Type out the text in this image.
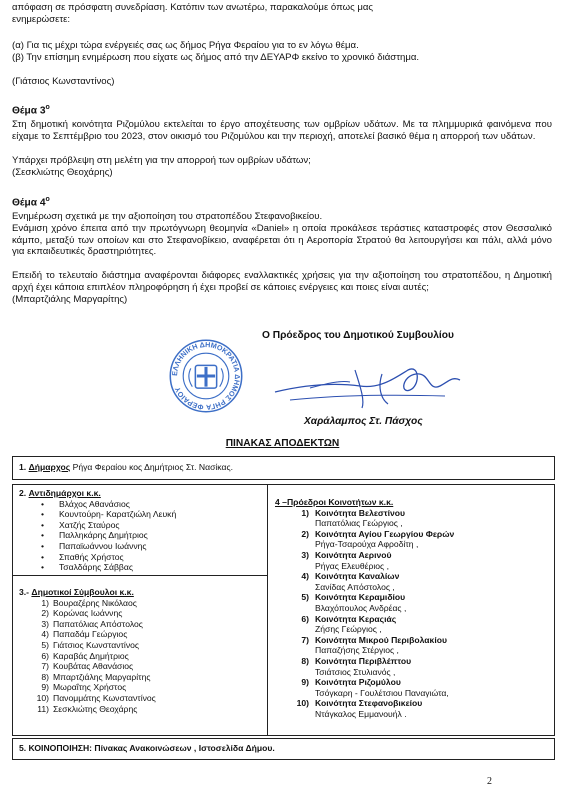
απόφαση σε πρόσφατη συνεδρίαση. Κατόπιν των ανωτέρω, παρακαλούμε όπως μας
ενημερώσετε:
(α) Για τις μέχρι τώρα ενέργειές σας ως δήμος Ρήγα Φεραίου για το εν λόγω θέμα.
(β) Την επίσημη ενημέρωση που είχατε ως δήμος από την ΔΕΥΑΡΦ εκείνο το χρονικό διάστημα.
(Γιάτσιος Κωνσταντίνος)
Θέμα $3^o$
Στη δημοτική κοινότητα Ριζομύλου εκτελείται το έργο αποχέτευσης των ομβρίων υδάτων. Με τα πλημμυρικά φαινόμενα που είχαμε το Σεπτέμβριο του 2023, στον οικισμό του Ριζομύλου και την περιοχή, αποτελεί βασικό θέμα η απορροή των υδάτων.
Υπάρχει πρόβλεψη στη μελέτη για την απορροή των ομβρίων υδάτων;
(Σεσκλιώτης Θεοχάρης)
Θέμα $4^o$
Ενημέρωση σχετικά με την αξιοποίηση του στρατοπέδου Στεφανοβικείου.
Ενάμιση χρόνο έπειτα από την πρωτόγνωρη θεομηνία «Daniel» η οποία προκάλεσε τεράστιες καταστροφές στον Θεσσαλικό κάμπο, μεταξύ των οποίων και στο Στεφανοβίκειο, αναφέρεται ότι η Αεροπορία Στρατού θα λειτουργήσει και πάλι, αλλά μόνο για εκπαιδευτικές δραστηριότητες.
Επειδή το τελευταίο διάστημα αναφέρονται διάφορες εναλλακτικές χρήσεις για την αξιοποίηση του στρατοπέδου, η Δημοτική αρχή έχει κάποια επιπλέον πληροφόρηση ή έχει προβεί σε κάποιες ενέργειες και ποιες είναι αυτές;
(Μπαρτζιάλης Μαργαρίτης)
Ο Πρόεδρος του Δημοτικού Συμβουλίου
ΕΛΛΗΝΙΚΗ ΔΗΜΟΚΡΑΤΙΑ ΔΗΜΟΣ ΡΗΓΑ ΦΕΡΑΙΟΥ
Χαράλαμπος Στ. Πάσχος
ΠΙΝΑΚΑΣ ΑΠΟΔΕΚΤΩΝ
1. Δήμαρχος Ρήγα Φεραίου κος Δημήτριος Στ. Νασίκας.
2. Αντιδημάρχοι κ.κ.
• Βλάχος Αθανάσιος
• Κουντούρη- Καρατζιώλη Λευκή
• Χατζής Σταύρος
• Παλληκάρης Δημήτριος
• Παπαϊωάννου Ιωάννης
• Σπαθής Χρήστος
• Τσαλδάρης Σάββας
3.- Δημοτικοί Σύμβουλοι κ.κ.
1) Βουραζέρης Νικόλαος
2) Κορώνας Ιωάννης
3) Παπατόλιας Απόστολος
4) Παπαδάμ Γεώργιος
5) Γιάτσιος Κωνσταντίνος
6) Καραβάς Δημήτριος
7) Κουβάτας Αθανάσιος
8) Μπαρτζιάλης Μαργαρίτης
9) Μωραΐτης Χρήστος
10) Πανομμάτης Κωνσταντίνος
11) Σεσκλιώτης Θεοχάρης
4 –Πρόεδροι Κοινοτήτων κ.κ.
1) Κοινότητα Βελεστίνου
Παπατόλιας Γεώργιος ,
2) Κοινότητα Αγίου Γεωργίου Φερών
Ρήγα-Τσαρούχα Αφροδίτη ,
3) Κοινότητα Αερινού
Ρήγας Ελευθέριος ,
4) Κοινότητα Καναλίων
Σανίδας Απόστολος ,
5) Κοινότητα Κεραμιδίου
Βλαχόπουλος Ανδρέας ,
6) Κοινότητα Κεραςιάς
Ζήσης Γεώργιος ,
7) Κοινότητα Μικρού Περιβολακίου
Παπαζήσης Στέργιος ,
8) Κοινότητα Περιβλέπτου
Τσιάτσιος Στυλιανός ,
9) Κοινότητα Ριζομύλου
Τσόγκαρη - Γουλέτσιου Παναγιώτα,
10) Κοινότητα Στεφανοβικείου
Ντάγκαλος Εμμανουήλ .
5. ΚΟΙΝΟΠΟΙΗΣΗ: Πίνακας Ανακοινώσεων , Ιστοσελίδα Δήμου.
2
